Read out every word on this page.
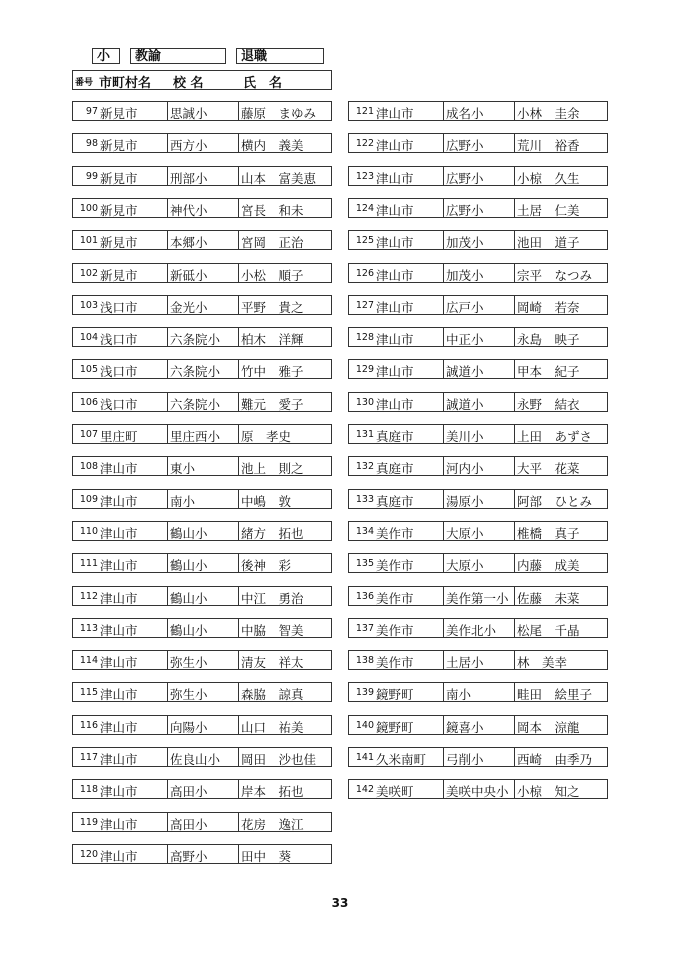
小	教諭	退職
番号 市町村名 校 名	氏　名
97 新見市	思誠小	藤原　まゆみ
98 新見市	西方小	横内　義美
99 新見市	刑部小	山本　富美恵
100 新見市	神代小	宮長　和未
101 新見市	本郷小	宮岡　正治
102 新見市	新砥小	小松　順子
103 浅口市	金光小	平野　貴之
104 浅口市	六条院小 柏木　洋輝
105 浅口市	六条院小 竹中　雅子
106 浅口市	六条院小 難元　愛子
107 里庄町	里庄西小 原　孝史
108 津山市	東小	池上　則之
109 津山市	南小	中嶋　敦
110 津山市	鶴山小	緒方　拓也
111 津山市	鶴山小	後神　彩
112 津山市	鶴山小	中江　勇治
113 津山市	鶴山小	中脇　智美
114 津山市	弥生小	清友　祥太
115 津山市	弥生小	森脇　諒真
116 津山市	向陽小	山口　祐美
117 津山市	佐良山小 岡田　沙也佳
118 津山市	高田小	岸本　拓也
119 津山市	高田小	花房　逸江
120 津山市	高野小	田中　葵
121 津山市	成名小	小林　圭余
122 津山市	広野小	荒川　裕香
123 津山市	広野小	小椋　久生
124 津山市	広野小	土居　仁美
125 津山市	加茂小	池田　道子
126 津山市	加茂小	宗平　なつみ
127 津山市	広戸小	岡崎　若奈
128 津山市	中正小	永島　映子
129 津山市	誠道小	甲本　紀子
130 津山市	誠道小	永野　結衣
131 真庭市	美川小	上田　あずさ
132 真庭市	河内小	大平　花菜
133 真庭市	湯原小	阿部　ひとみ
134 美作市	大原小	椎橋　真子
135 美作市	大原小	内藤　成美
136 美作市	美作第一小 佐藤　未菜
137 美作市	美作北小 松尾　千晶
138 美作市	土居小	林　美幸
139 鏡野町	南小	畦田　絵里子
140 鏡野町	鏡喜小	岡本　涼龍
141 久米南町 弓削小	西崎　由季乃
142 美咲町	美咲中央小 小椋　知之
33
